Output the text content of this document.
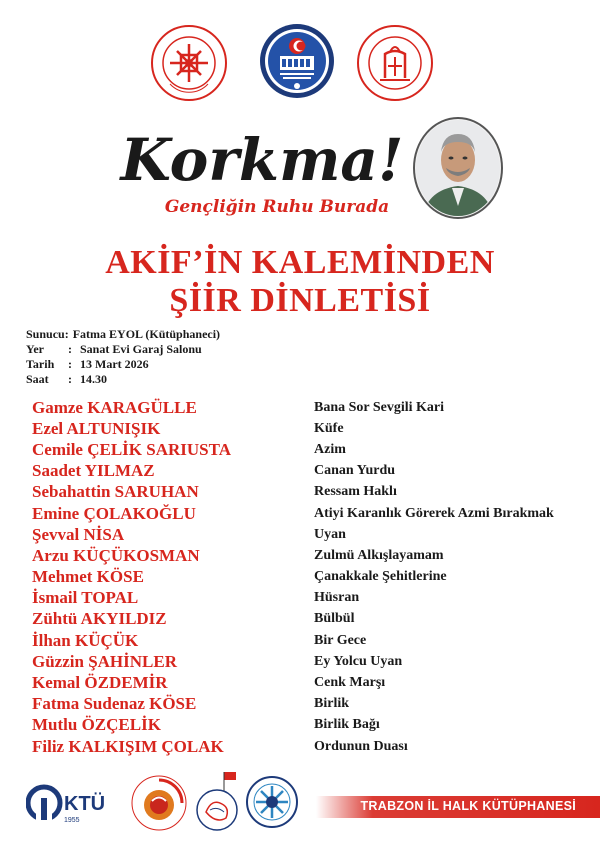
Korkma!
Gençliğin Ruhu Burada
AKİF’İN KALEMİNDEN
ŞİİR DİNLETİSİ
Sunucu: Fatma EYOL (Kütüphaneci)
Yer	: Sanat Evi Garaj Salonu
Tarih	: 13 Mart 2026
Saat	: 14.30
Gamze KARAGÜLLE	Bana Sor Sevgili Kari
Ezel ALTUNIŞIK	Küfe
Cemile ÇELİK SARIUSTA	Azim
Saadet YILMAZ	Canan Yurdu
Sebahattin SARUHAN	Ressam Haklı
Emine ÇOLAKOĞLU	Atiyi Karanlık Görerek Azmi Bırakmak
Şevval NİSA	Uyan
Arzu KÜÇÜKOSMAN	Zulmü Alkışlayamam
Mehmet KÖSE	Çanakkale Şehitlerine
İsmail TOPAL	Hüsran
Zühtü AKYILDIZ	Bülbül
İlhan KÜÇÜK	Bir Gece
Güzzin ŞAHİNLER	Ey Yolcu Uyan
Kemal ÖZDEMİR	Cenk Marşı
Fatma Sudenaz KÖSE	Birlik
Mutlu ÖZÇELİK	Birlik Bağı
Filiz KALKIŞIM ÇOLAK	Ordunun Duası
KTÜ
1955
TRABZON İL HALK KÜTÜPHANESİ
